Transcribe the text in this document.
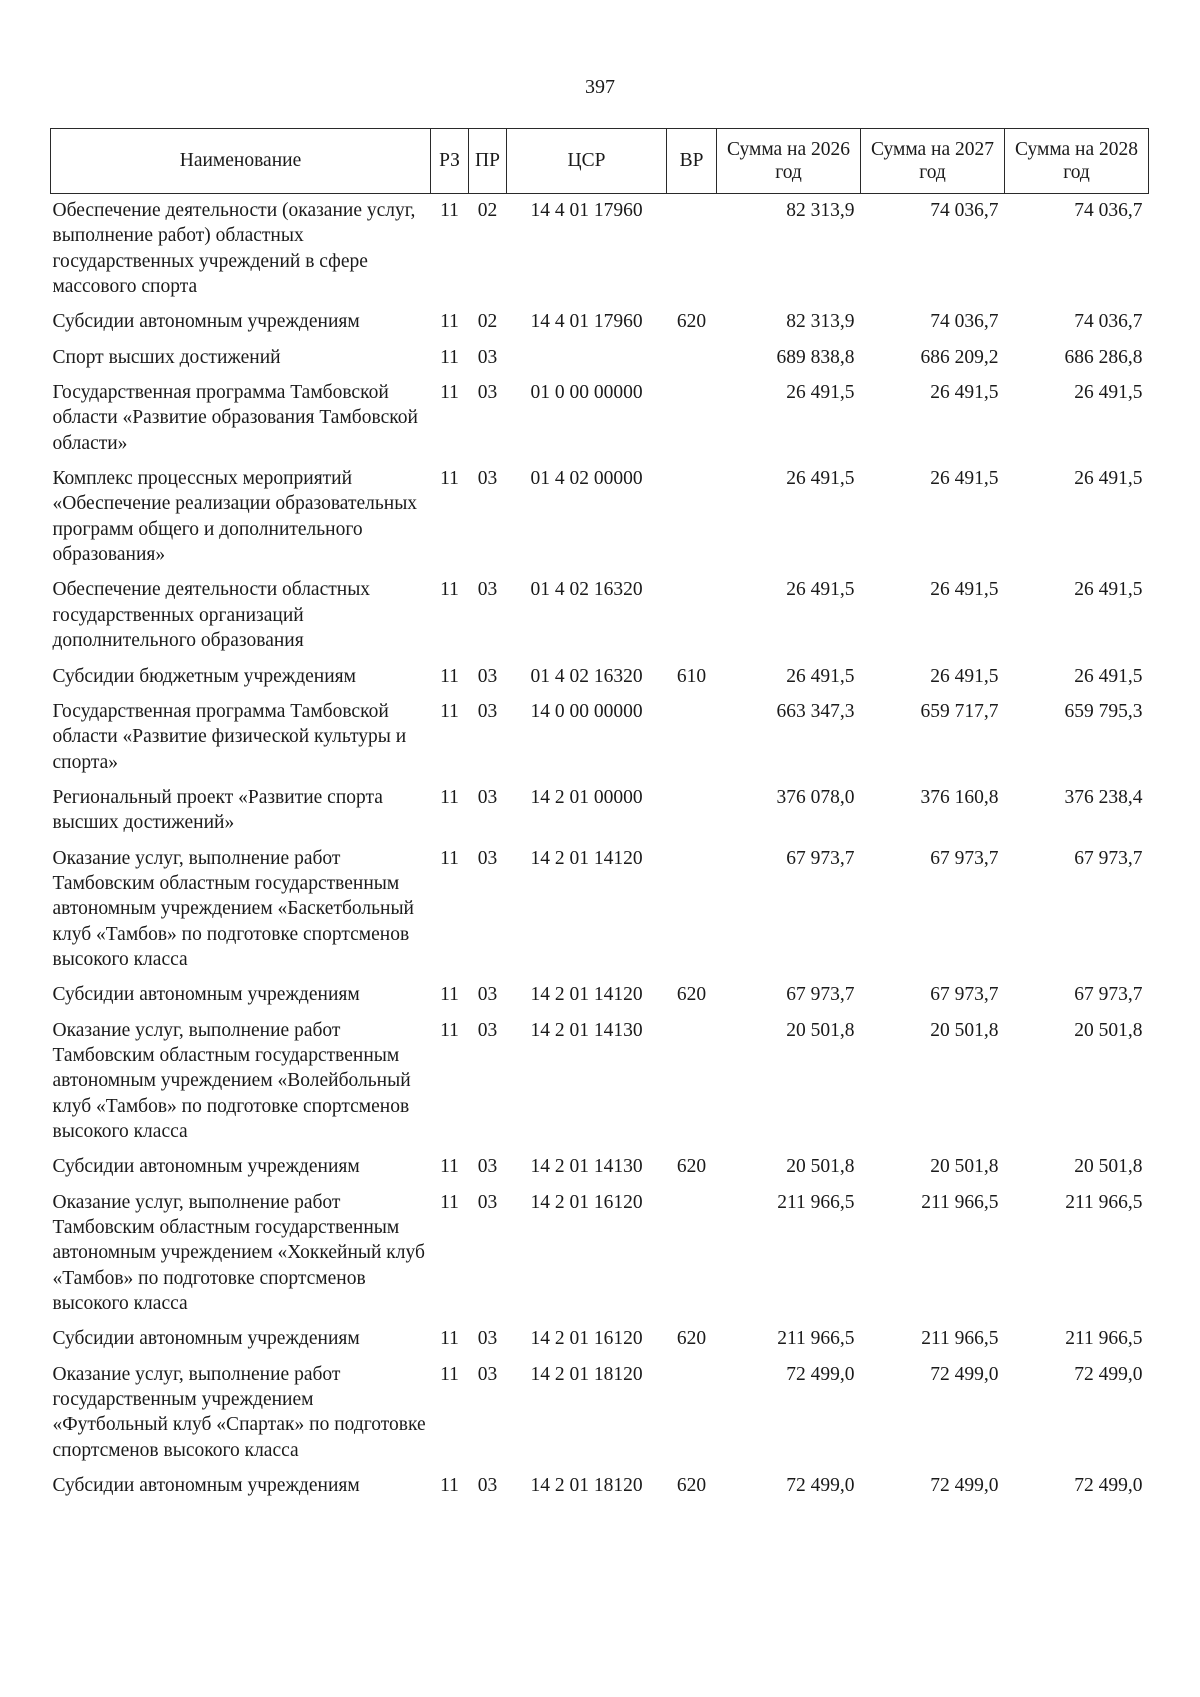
397
Наименование	РЗ	ПР	ЦСР	ВР	Сумма на 2026 год	Сумма на 2027 год	Сумма на 2028 год
Обеспечение деятельности (оказание услуг, выполнение работ) областных государственных учреждений в сфере массового спорта	11	02	14 4 01 17960		82 313,9	74 036,7	74 036,7
Субсидии автономным учреждениям	11	02	14 4 01 17960	620	82 313,9	74 036,7	74 036,7
Спорт высших достижений	11	03			689 838,8	686 209,2	686 286,8
Государственная программа Тамбовской области «Развитие образования Тамбовской области»	11	03	01 0 00 00000		26 491,5	26 491,5	26 491,5
Комплекс процессных мероприятий «Обеспечение реализации образовательных программ общего и дополнительного образования»	11	03	01 4 02 00000		26 491,5	26 491,5	26 491,5
Обеспечение деятельности областных государственных организаций дополнительного образования	11	03	01 4 02 16320		26 491,5	26 491,5	26 491,5
Субсидии бюджетным учреждениям	11	03	01 4 02 16320	610	26 491,5	26 491,5	26 491,5
Государственная программа Тамбовской области «Развитие физической культуры и спорта»	11	03	14 0 00 00000		663 347,3	659 717,7	659 795,3
Региональный проект «Развитие спорта высших достижений»	11	03	14 2 01 00000		376 078,0	376 160,8	376 238,4
Оказание услуг, выполнение работ Тамбовским областным государственным автономным учреждением «Баскетбольный клуб «Тамбов» по подготовке спортсменов высокого класса	11	03	14 2 01 14120		67 973,7	67 973,7	67 973,7
Субсидии автономным учреждениям	11	03	14 2 01 14120	620	67 973,7	67 973,7	67 973,7
Оказание услуг, выполнение работ Тамбовским областным государственным автономным учреждением «Волейбольный клуб «Тамбов» по подготовке спортсменов высокого класса	11	03	14 2 01 14130		20 501,8	20 501,8	20 501,8
Субсидии автономным учреждениям	11	03	14 2 01 14130	620	20 501,8	20 501,8	20 501,8
Оказание услуг, выполнение работ Тамбовским областным государственным автономным учреждением «Хоккейный клуб «Тамбов» по подготовке спортсменов высокого класса	11	03	14 2 01 16120		211 966,5	211 966,5	211 966,5
Субсидии автономным учреждениям	11	03	14 2 01 16120	620	211 966,5	211 966,5	211 966,5
Оказание услуг, выполнение работ государственным учреждением «Футбольный клуб «Спартак» по подготовке спортсменов высокого класса	11	03	14 2 01 18120		72 499,0	72 499,0	72 499,0
Субсидии автономным учреждениям	11	03	14 2 01 18120	620	72 499,0	72 499,0	72 499,0
